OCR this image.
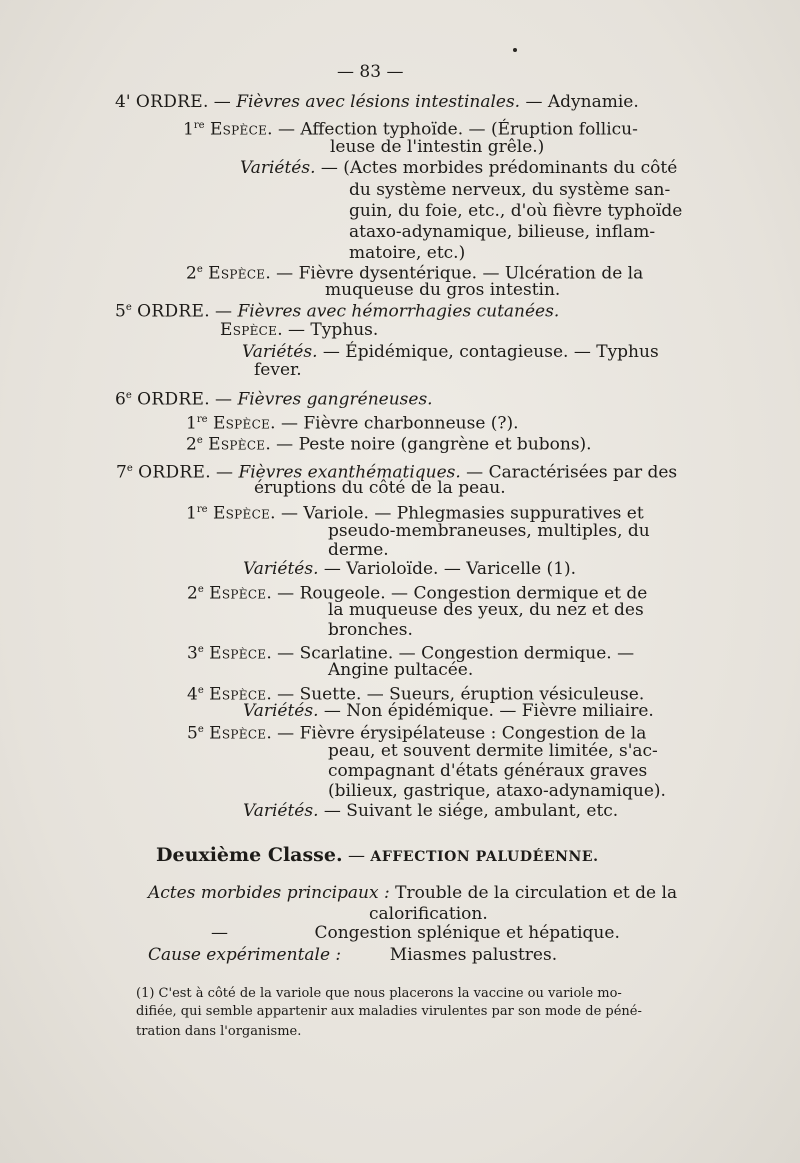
— 83 —
4' ORDRE. — Fièvres avec lésions intestinales. — Adynamie.
1re Espèce. — Affection typhoïde. — (Éruption follicu-
leuse de l'intestin grêle.)
Variétés. — (Actes morbides prédominants du côté
du système nerveux, du système san-
guin, du foie, etc., d'où fièvre typhoïde
ataxo-adynamique, bilieuse, inflam-
matoire, etc.)
2e Espèce. — Fièvre dysentérique. — Ulcération de la
muqueuse du gros intestin.
5e ORDRE. — Fièvres avec hémorrhagies cutanées.
Espèce. — Typhus.
Variétés. — Épidémique, contagieuse. — Typhus
fever.
6e ORDRE. — Fièvres gangréneuses.
1re Espèce. — Fièvre charbonneuse (?).
2e Espèce. — Peste noire (gangrène et bubons).
7e ORDRE. — Fièvres exanthématiques. — Caractérisées par des
éruptions du côté de la peau.
1re Espèce. — Variole. — Phlegmasies suppuratives et
pseudo-membraneuses, multiples, du
derme.
Variétés. — Varioloïde. — Varicelle (1).
2e Espèce. — Rougeole. — Congestion dermique et de
la muqueuse des yeux, du nez et des
bronches.
3e Espèce. — Scarlatine. — Congestion dermique. —
Angine pultacée.
4e Espèce. — Suette. — Sueurs, éruption vésiculeuse.
Variétés. — Non épidémique. — Fièvre miliaire.
5e Espèce. — Fièvre érysipélateuse : Congestion de la
peau, et souvent dermite limitée, s'ac-
compagnant d'états généraux graves
(bilieux, gastrique, ataxo-adynamique).
Variétés. — Suivant le siége, ambulant, etc.
Deuxième Classe. — AFFECTION PALUDÉENNE.
Actes morbides principaux : Trouble de la circulation et de la
calorification.
—                Congestion splénique et hépatique.
Cause expérimentale :         Miasmes palustres.
(1) C'est à côté de la variole que nous placerons la vaccine ou variole mo-
difiée, qui semble appartenir aux maladies virulentes par son mode de péné-
tration dans l'organisme.
